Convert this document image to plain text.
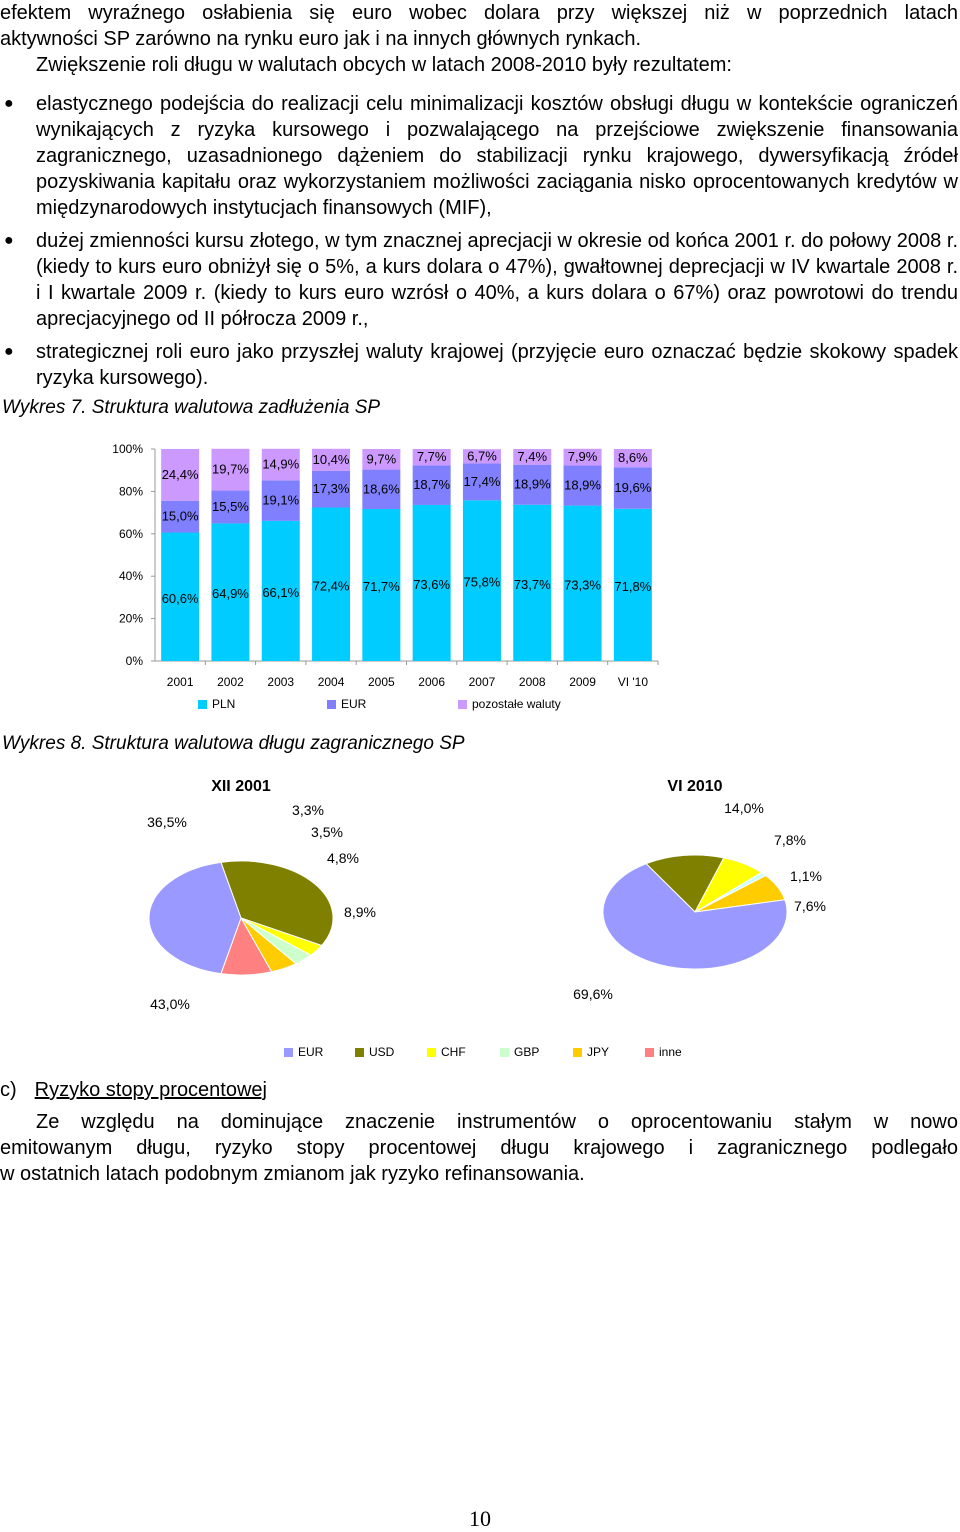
efektem wyraźnego osłabienia się euro wobec dolara przy większej niż w poprzednich latach
aktywności SP zarówno na rynku euro jak i na innych głównych rynkach.
Zwiększenie roli długu w walutach obcych w latach 2008-2010 były rezultatem:
● elastycznego podejścia do realizacji celu minimalizacji kosztów obsługi długu w kontekście ograniczeń wynikających z ryzyka kursowego i pozwalającego na przejściowe zwiększenie finansowania zagranicznego, uzasadnionego dążeniem do stabilizacji rynku krajowego, dywersyfikacją źródeł pozyskiwania kapitału oraz wykorzystaniem możliwości zaciągania nisko oprocentowanych kredytów w międzynarodowych instytucjach finansowych (MIF),
● dużej zmienności kursu złotego, w tym znacznej aprecjacji w okresie od końca 2001 r. do połowy 2008 r. (kiedy to kurs euro obniżył się o 5%, a kurs dolara o 47%), gwałtownej deprecjacji w IV kwartale 2008 r. i I kwartale 2009 r. (kiedy to kurs euro wzrósł o 40%, a kurs dolara o 67%) oraz powrotowi do trendu aprecjacyjnego od II półrocza 2009 r.,
● strategicznej roli euro jako przyszłej waluty krajowej (przyjęcie euro oznaczać będzie skokowy spadek ryzyka kursowego).
Wykres 7. Struktura walutowa zadłużenia SP
0%
20%
40%
60%
80%
100%
60,6%
15,0%
24,4%
64,9%
15,5%
19,7%
66,1%
19,1%
14,9%
72,4%
17,3%
10,4%
71,7%
18,6%
9,7%
73,6%
18,7%
7,7%
75,8%
17,4%
6,7%
73,7%
18,9%
7,4%
73,3%
18,9%
7,9%
71,8%
19,6%
8,6%
2001 2002 2003 2004 2005 2006 2007 2008 2009 VI '10
PLN	EUR	pozostałe waluty
Wykres 8. Struktura walutowa długu zagranicznego SP
XII 2001
43,0%
36,5%
3,3%
3,5%
4,8%
8,9%
VI 2010
69,6%
14,0%
7,8%
1,1%
7,6%
EUR	USD	CHF	GBP	JPY	inne
c) Ryzyko stopy procentowej
Ze względu na dominujące znaczenie instrumentów o oprocentowaniu stałym w nowo
emitowanym długu, ryzyko stopy procentowej długu krajowego i zagranicznego podlegało
w ostatnich latach podobnym zmianom jak ryzyko refinansowania.
10
